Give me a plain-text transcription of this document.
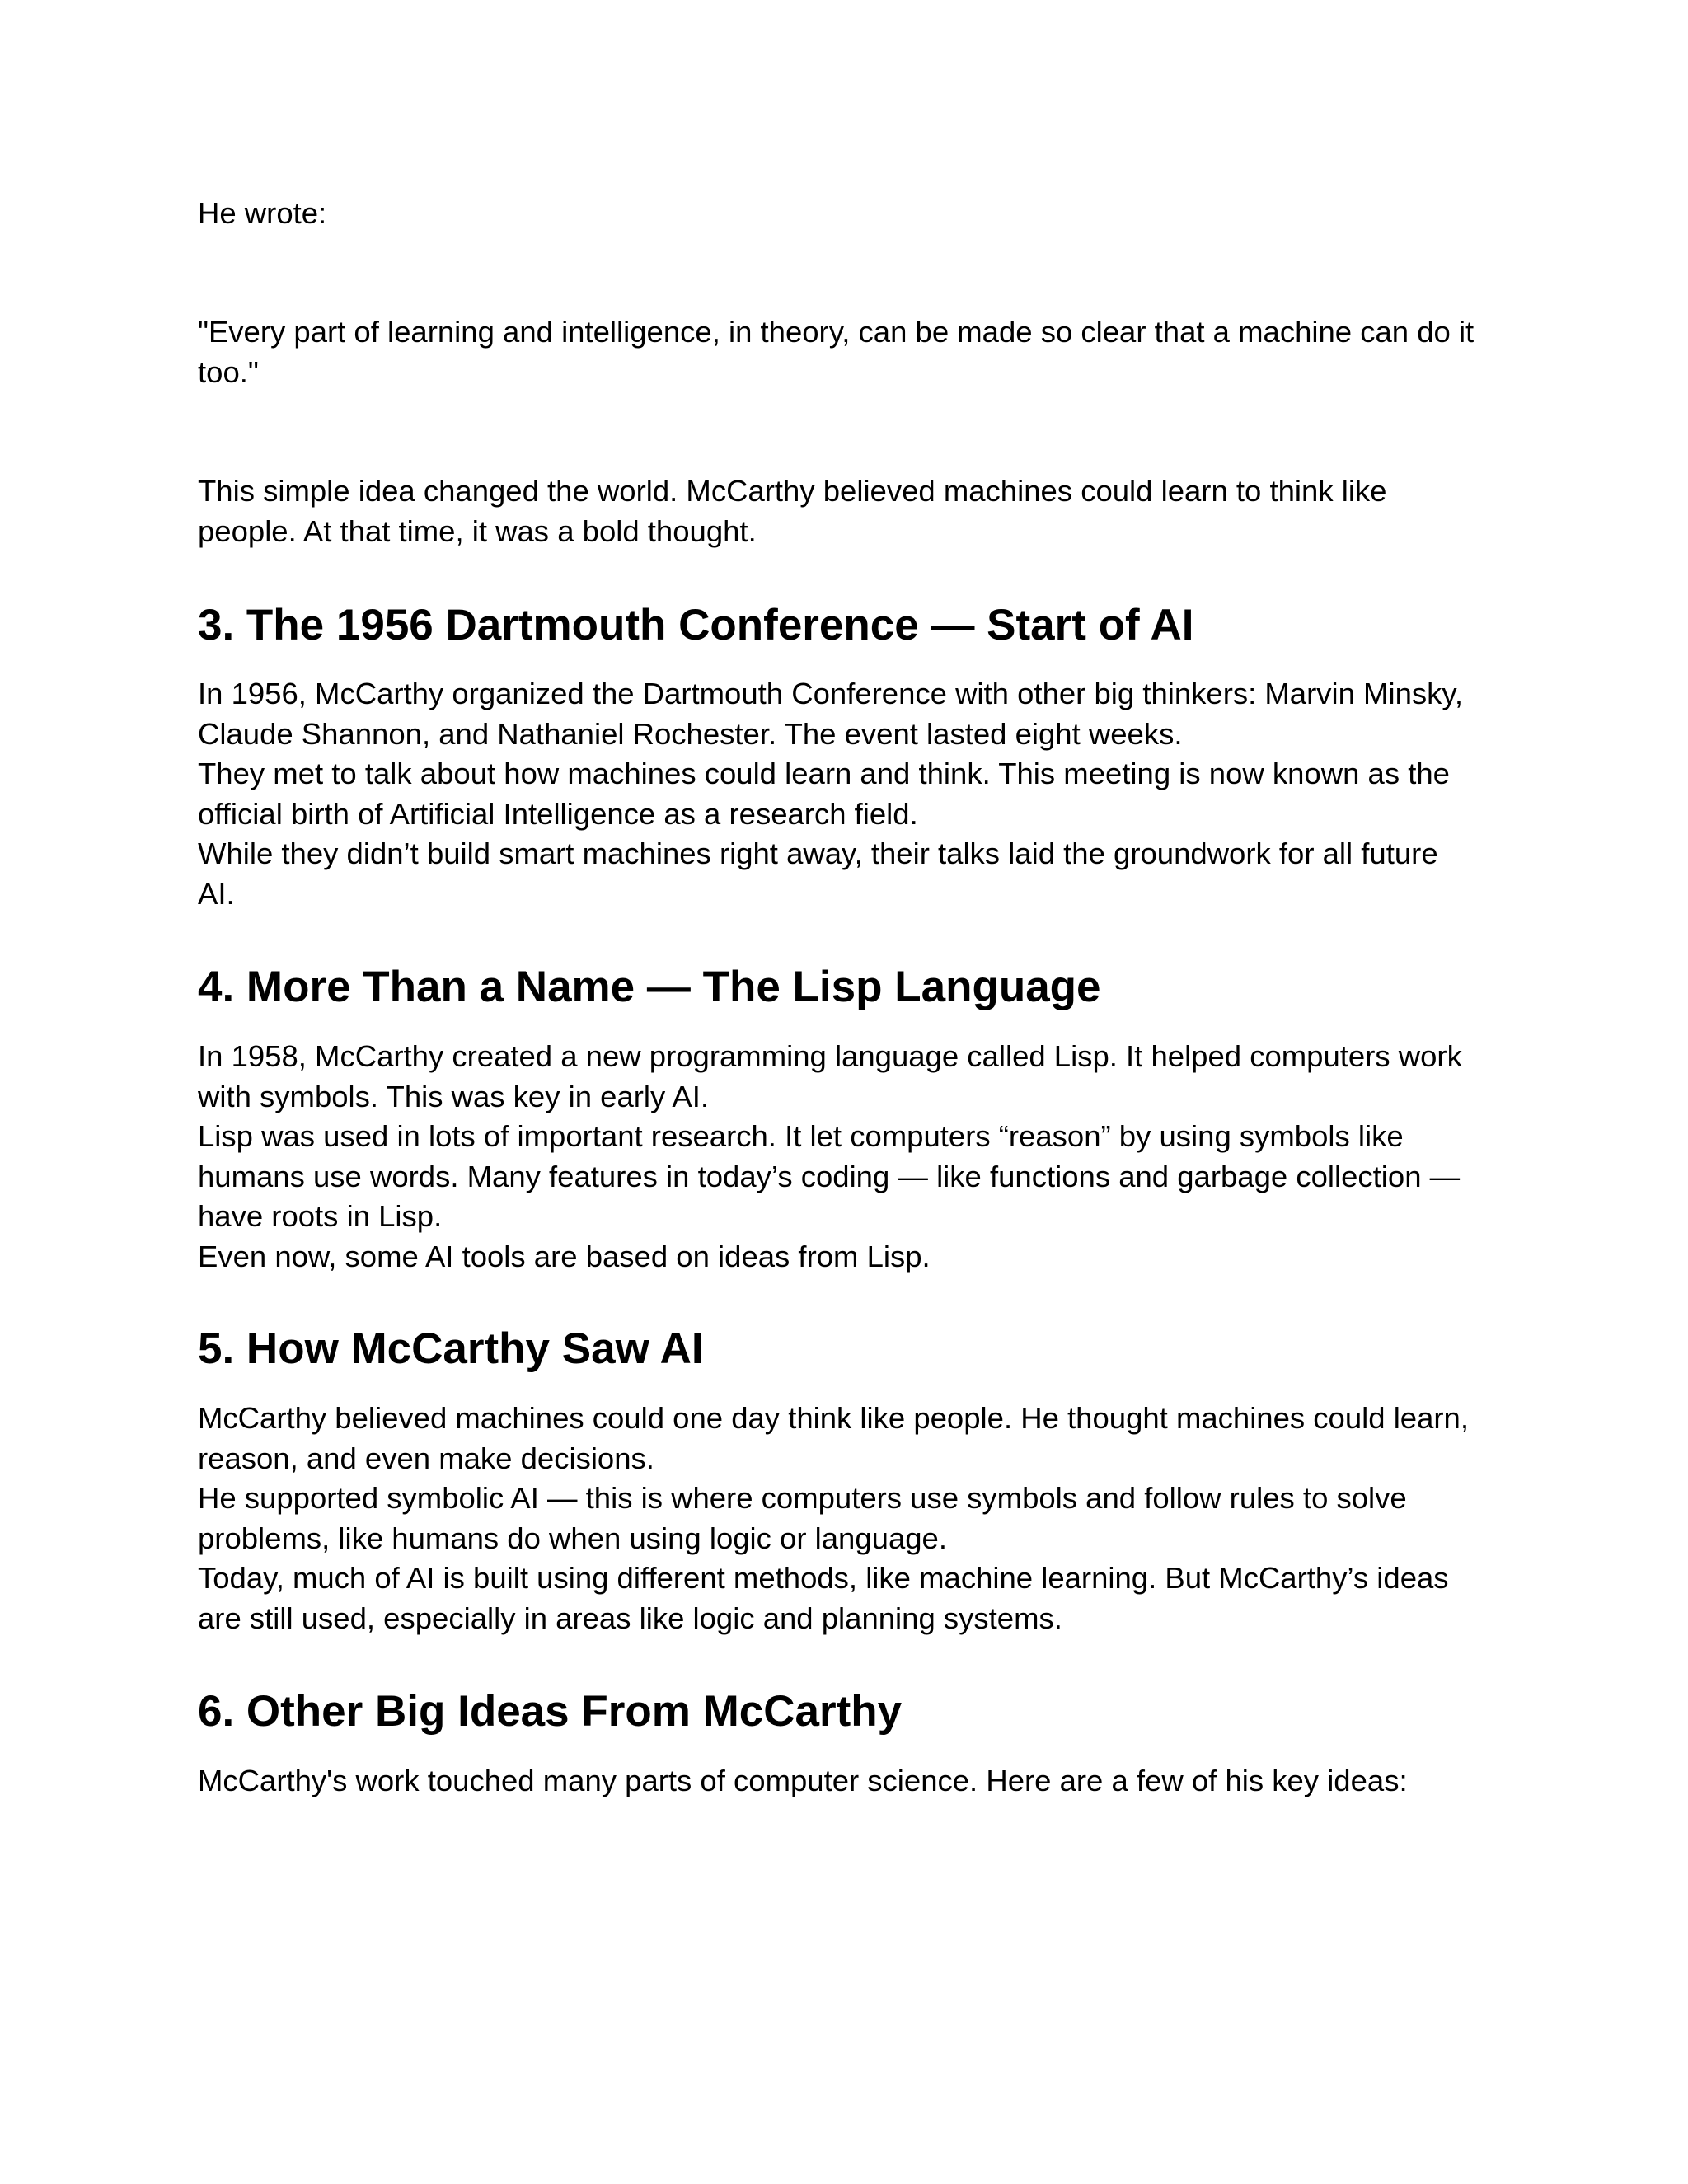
He wrote:

"Every part of learning and intelligence, in theory, can be made so clear that a machine can do it
too."

This simple idea changed the world. McCarthy believed machines could learn to think like
people. At that time, it was a bold thought.

3. The 1956 Dartmouth Conference — Start of AI

In 1956, McCarthy organized the Dartmouth Conference with other big thinkers: Marvin Minsky,
Claude Shannon, and Nathaniel Rochester. The event lasted eight weeks.
They met to talk about how machines could learn and think. This meeting is now known as the
official birth of Artificial Intelligence as a research field.
While they didn’t build smart machines right away, their talks laid the groundwork for all future
AI.

4. More Than a Name — The Lisp Language

In 1958, McCarthy created a new programming language called Lisp. It helped computers work
with symbols. This was key in early AI.
Lisp was used in lots of important research. It let computers “reason” by using symbols like
humans use words. Many features in today’s coding — like functions and garbage collection —
have roots in Lisp.
Even now, some AI tools are based on ideas from Lisp.

5. How McCarthy Saw AI

McCarthy believed machines could one day think like people. He thought machines could learn,
reason, and even make decisions.
He supported symbolic AI — this is where computers use symbols and follow rules to solve
problems, like humans do when using logic or language.
Today, much of AI is built using different methods, like machine learning. But McCarthy’s ideas
are still used, especially in areas like logic and planning systems.

6. Other Big Ideas From McCarthy

McCarthy's work touched many parts of computer science. Here are a few of his key ideas:
